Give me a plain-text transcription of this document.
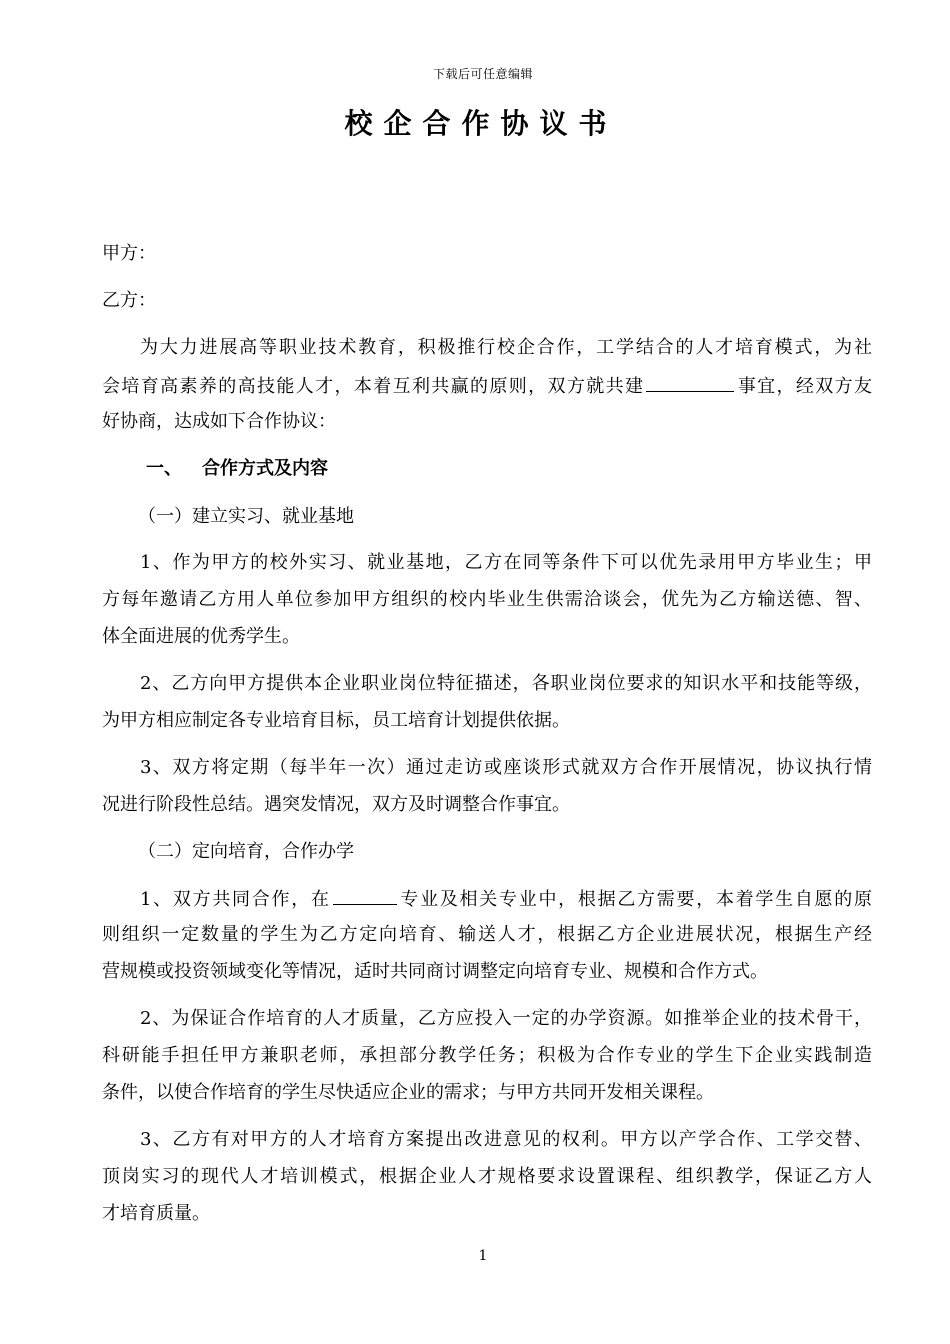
下载后可任意编辑
校企合作协议书
甲方：
乙方：
为大力进展高等职业技术教育，积极推行校企合作，工学结合的人才培育模式，为社
会培育高素养的高技能人才，本着互利共赢的原则，双方就共建	事宜，经双方友
好协商，达成如下合作协议：
一、 合作方式及内容
（一）建立实习、就业基地
1、作为甲方的校外实习、就业基地，乙方在同等条件下可以优先录用甲方毕业生；甲
方每年邀请乙方用人单位参加甲方组织的校内毕业生供需洽谈会，优先为乙方输送德、智、
体全面进展的优秀学生。
2、乙方向甲方提供本企业职业岗位特征描述，各职业岗位要求的知识水平和技能等级，
为甲方相应制定各专业培育目标，员工培育计划提供依据。
3、双方将定期（每半年一次）通过走访或座谈形式就双方合作开展情况，协议执行情
况进行阶段性总结。遇突发情况，双方及时调整合作事宜。
（二）定向培育，合作办学
1、双方共同合作，在	专业及相关专业中，根据乙方需要，本着学生自愿的原
则组织一定数量的学生为乙方定向培育、输送人才，根据乙方企业进展状况，根据生产经
营规模或投资领域变化等情况，适时共同商讨调整定向培育专业、规模和合作方式。
2、为保证合作培育的人才质量，乙方应投入一定的办学资源。如推举企业的技术骨干，
科研能手担任甲方兼职老师，承担部分教学任务；积极为合作专业的学生下企业实践制造
条件，以使合作培育的学生尽快适应企业的需求；与甲方共同开发相关课程。
3、乙方有对甲方的人才培育方案提出改进意见的权利。甲方以产学合作、工学交替、
顶岗实习的现代人才培训模式，根据企业人才规格要求设置课程、组织教学，保证乙方人
才培育质量。
1
